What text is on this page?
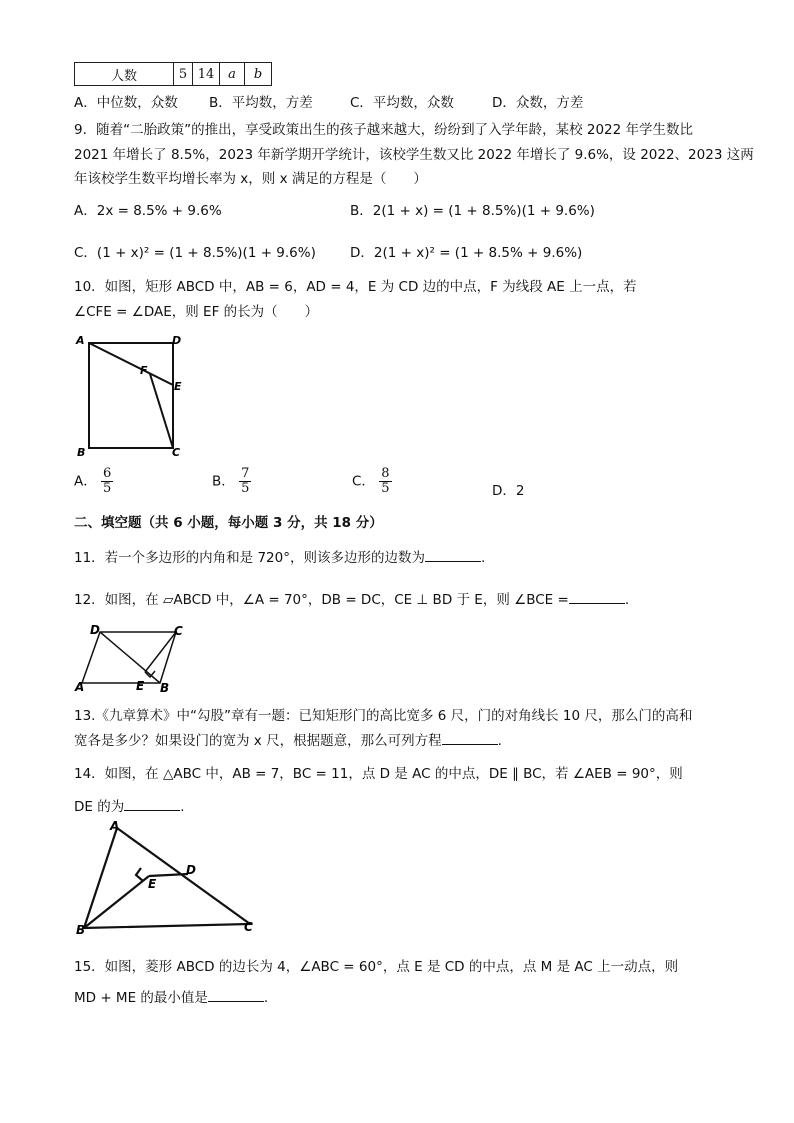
人数	5	14	a	b
A．中位数，众数 B．平均数，方差	C．平均数，众数	D．众数，方差
9．随着“二胎政策”的推出，享受政策出生的孩子越来越大，纷纷到了入学年龄，某校 2022 年学生数比
2021 年增长了 8.5%，2023 年新学期开学统计，该校学生数又比 2022 年增长了 9.6%，设 2022、2023 这两
年该校学生数平均增长率为 x，则 x 满足的方程是（　　）
A．2x = 8.5% + 9.6%	B．2(1 + x) = (1 + 8.5%)(1 + 9.6%)
C．(1 + x)² = (1 + 8.5%)(1 + 9.6%)	D．2(1 + x)² = (1 + 8.5% + 9.6%)
10．如图，矩形 ABCD 中，AB = 6，AD = 4，E 为 CD 边的中点，F 为线段 AE 上一点，若
∠CFE = ∠DAE，则 EF 的长为（　　）
A	D
F
E
B	C
A． $\frac{6}{5}$	B． $\frac{7}{5}$	C． $\frac{8}{5}$	D．2
二、填空题（共 6 小题，每小题 3 分，共 18 分）
11．若一个多边形的内角和是 720°，则该多边形的边数为	.
12．如图，在 ▱ABCD 中，∠A = 70°，DB = DC，CE ⊥ BD 于 E，则 ∠BCE =	.
D	C
A	E B
13.《九章算术》中“勾股”章有一题：已知矩形门的高比宽多 6 尺，门的对角线长 10 尺，那么门的高和
宽各是多少？如果设门的宽为 x 尺，根据题意，那么可列方程	.
14．如图，在 △ABC 中，AB = 7，BC = 11，点 D 是 AC 的中点，DE ∥ BC，若 ∠AEB = 90°，则
DE 的为	.
A
D
E
B	C
15．如图，菱形 ABCD 的边长为 4，∠ABC = 60°，点 E 是 CD 的中点，点 M 是 AC 上一动点，则
MD + ME 的最小值是	.
